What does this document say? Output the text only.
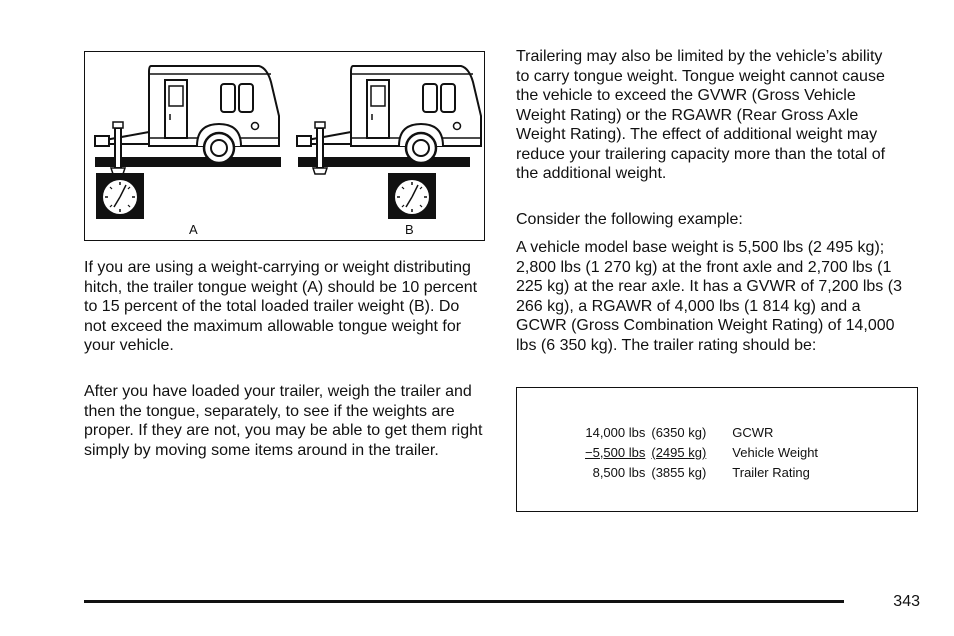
A	B

If you are using a weight-carrying or weight distributing hitch, the trailer tongue weight (A) should be 10 percent to 15 percent of the total loaded trailer weight (B). Do not exceed the maximum allowable tongue weight for your vehicle.

After you have loaded your trailer, weigh the trailer and then the tongue, separately, to see if the weights are proper. If they are not, you may be able to get them right simply by moving some items around in the trailer.

Trailering may also be limited by the vehicle’s ability to carry tongue weight. Tongue weight cannot cause the vehicle to exceed the GVWR (Gross Vehicle Weight Rating) or the RGAWR (Rear Gross Axle Weight Rating). The effect of additional weight may reduce your trailering capacity more than the total of the additional weight.

Consider the following example:

A vehicle model base weight is 5,500 lbs (2 495 kg); 2,800 lbs (1 270 kg) at the front axle and 2,700 lbs (1 225 kg) at the rear axle. It has a GVWR of 7,200 lbs (3 266 kg), a RGAWR of 4,000 lbs (1 814 kg) and a GCWR (Gross Combination Weight Rating) of 14,000 lbs (6 350 kg). The trailer rating should be:

14,000 lbs	(6350 kg)	GCWR
−5,500 lbs	(2495 kg)	Vehicle Weight
8,500 lbs	(3855 kg)	Trailer Rating
343
